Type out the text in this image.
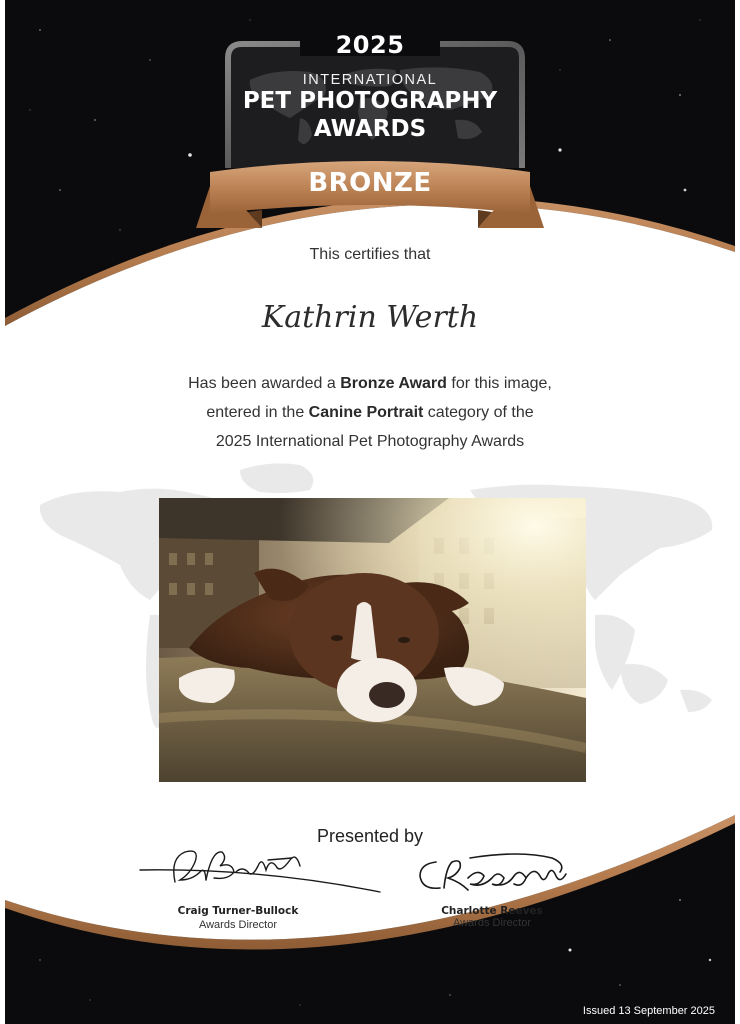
2025
INTERNATIONAL
PET PHOTOGRAPHY
AWARDS
BRONZE
This certifies that
Kathrin Werth
Has been awarded a Bronze Award for this image,
entered in the Canine Portrait category of the
2025 International Pet Photography Awards
Presented by
Craig Turner-Bullock
Awards Director
Charlotte Reeves
Awards Director
Issued 13 September 2025
